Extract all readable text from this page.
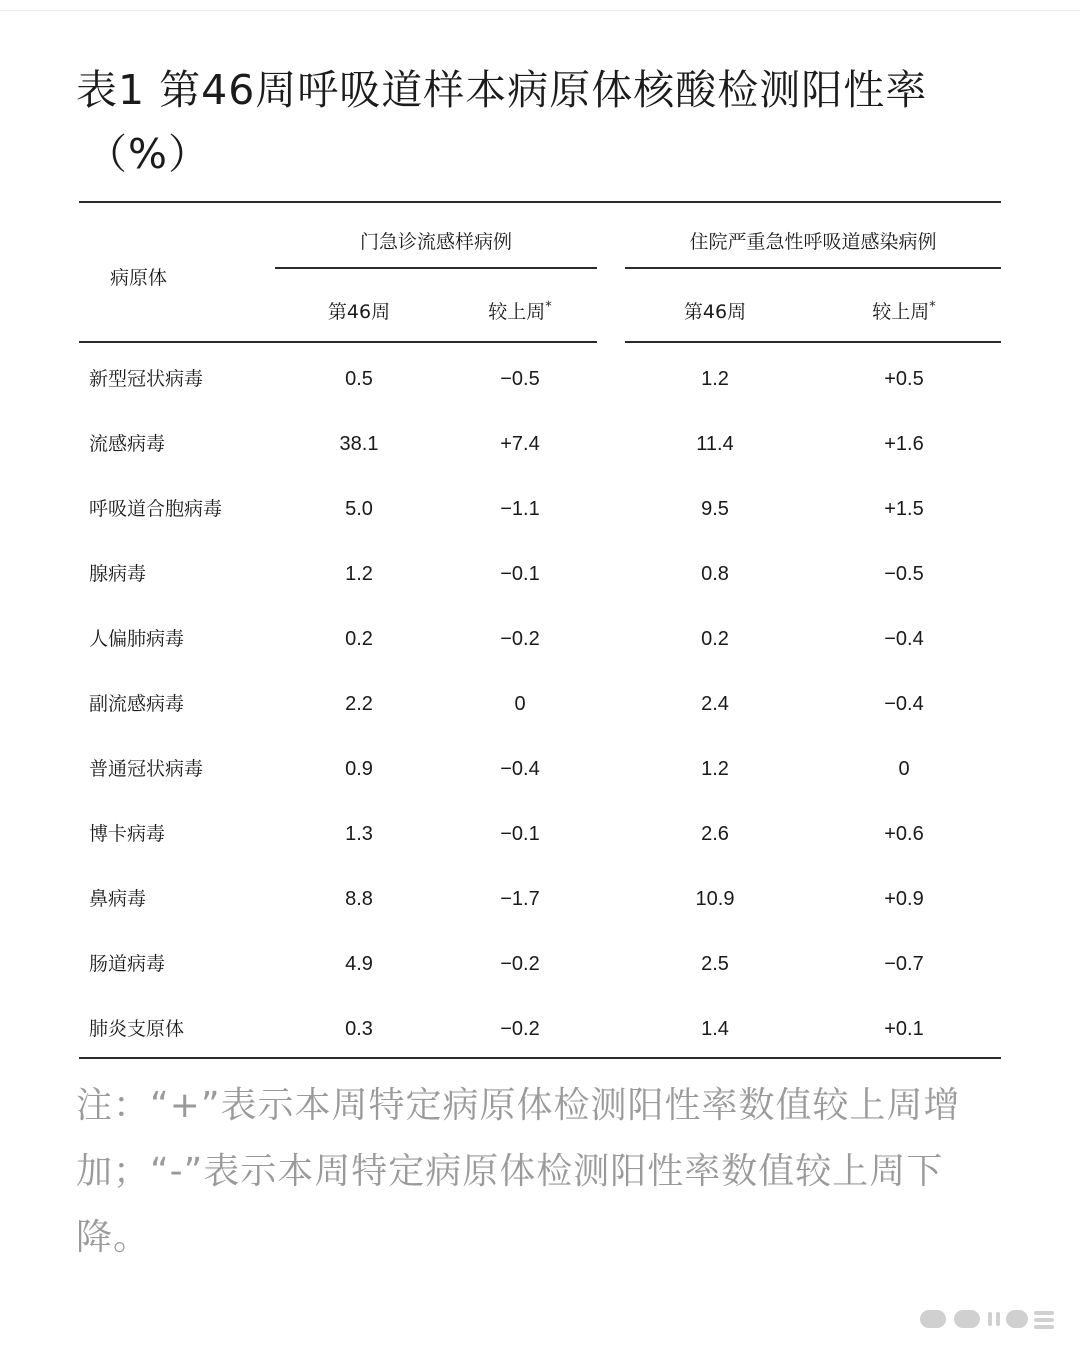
表1 第46周呼吸道样本病原体核酸检测阳性率
（%）
病原体
门急诊流感样病例	住院严重急性呼吸道感染病例
第46周	较上周*	第46周	较上周*
新型冠状病毒	0.5	−0.5	1.2	+0.5
流感病毒	38.1	+7.4	11.4	+1.6
呼吸道合胞病毒	5.0	−1.1	9.5	+1.5
腺病毒	1.2	−0.1	0.8	−0.5
人偏肺病毒	0.2	−0.2	0.2	−0.4
副流感病毒	2.2	0	2.4	−0.4
普通冠状病毒	0.9	−0.4	1.2	0
博卡病毒	1.3	−0.1	2.6	+0.6
鼻病毒	8.8	−1.7	10.9	+0.9
肠道病毒	4.9	−0.2	2.5	−0.7
肺炎支原体	0.3	−0.2	1.4	+0.1
注：“+”表示本周特定病原体检测阳性率数值较上周增加；“-”表示本周特定病原体检测阳性率数值较上周下降。
